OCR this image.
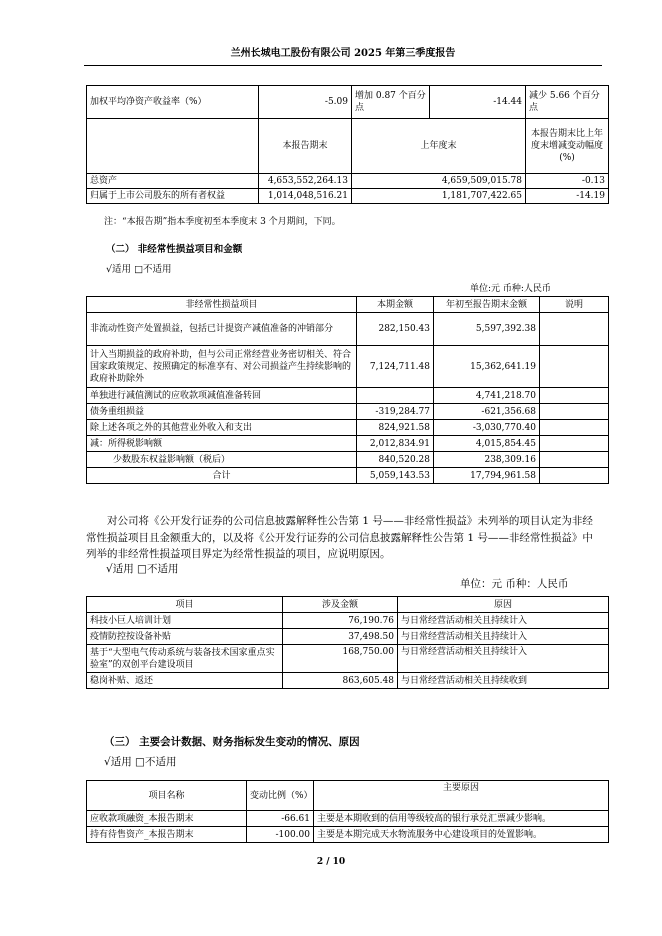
兰州长城电工股份有限公司 2025 年第三季度报告
加权平均净资产收益率（%）	-5.09	增加 0.87 个百分点	-14.44	减少 5.66 个百分点
	本报告期末	上年度末		本报告期末比上年度末增减变动幅度(%)
总资产	4,653,552,264.13	4,659,509,015.78		-0.13
归属于上市公司股东的所有者权益	1,014,048,516.21	1,181,707,422.65		-14.19
注：“本报告期”指本季度初至本季度末 3 个月期间，下同。
（二） 非经常性损益项目和金额
√适用 □不适用
单位:元 币种:人民币
非经常性损益项目	本期金额	年初至报告期末金额	说明
非流动性资产处置损益，包括已计提资产减值准备的冲销部分	282,150.43	5,597,392.38	
计入当期损益的政府补助，但与公司正常经营业务密切相关、符合国家政策规定、按照确定的标准享有、对公司损益产生持续影响的政府补助除外	7,124,711.48	15,362,641.19	
单独进行减值测试的应收款项减值准备转回		4,741,218.70	
债务重组损益	-319,284.77	-621,356.68	
除上述各项之外的其他营业外收入和支出	824,921.58	-3,030,770.40	
减：所得税影响额	2,012,834.91	4,015,854.45	
少数股东权益影响额（税后）	840,520.28	238,309.16	
合计	5,059,143.53	17,794,961.58	
对公司将《公开发行证券的公司信息披露解释性公告第 1 号——非经常性损益》未列举的项目认定为非经常性损益项目且金额重大的，以及将《公开发行证券的公司信息披露解释性公告第 1 号——非经常性损益》中列举的非经常性损益项目界定为经常性损益的项目，应说明原因。
√适用 □不适用
单位：元 币种：人民币
项目	涉及金额	原因
科技小巨人培训计划	76,190.76	与日常经营活动相关且持续计入
疫情防控按设备补贴	37,498.50	与日常经营活动相关且持续计入
基于“大型电气传动系统与装备技术国家重点实验室”的双创平台建设项目	168,750.00	与日常经营活动相关且持续计入
稳岗补贴、返还	863,605.48	与日常经营活动相关且持续收到
（三） 主要会计数据、财务指标发生变动的情况、原因
√适用 □不适用
项目名称	变动比例（%）	主要原因
应收款项融资_本报告期末	-66.61	主要是本期收到的信用等级较高的银行承兑汇票减少影响。
持有待售资产_本报告期末	-100.00	主要是本期完成天水物流服务中心建设项目的处置影响。
2 / 10
